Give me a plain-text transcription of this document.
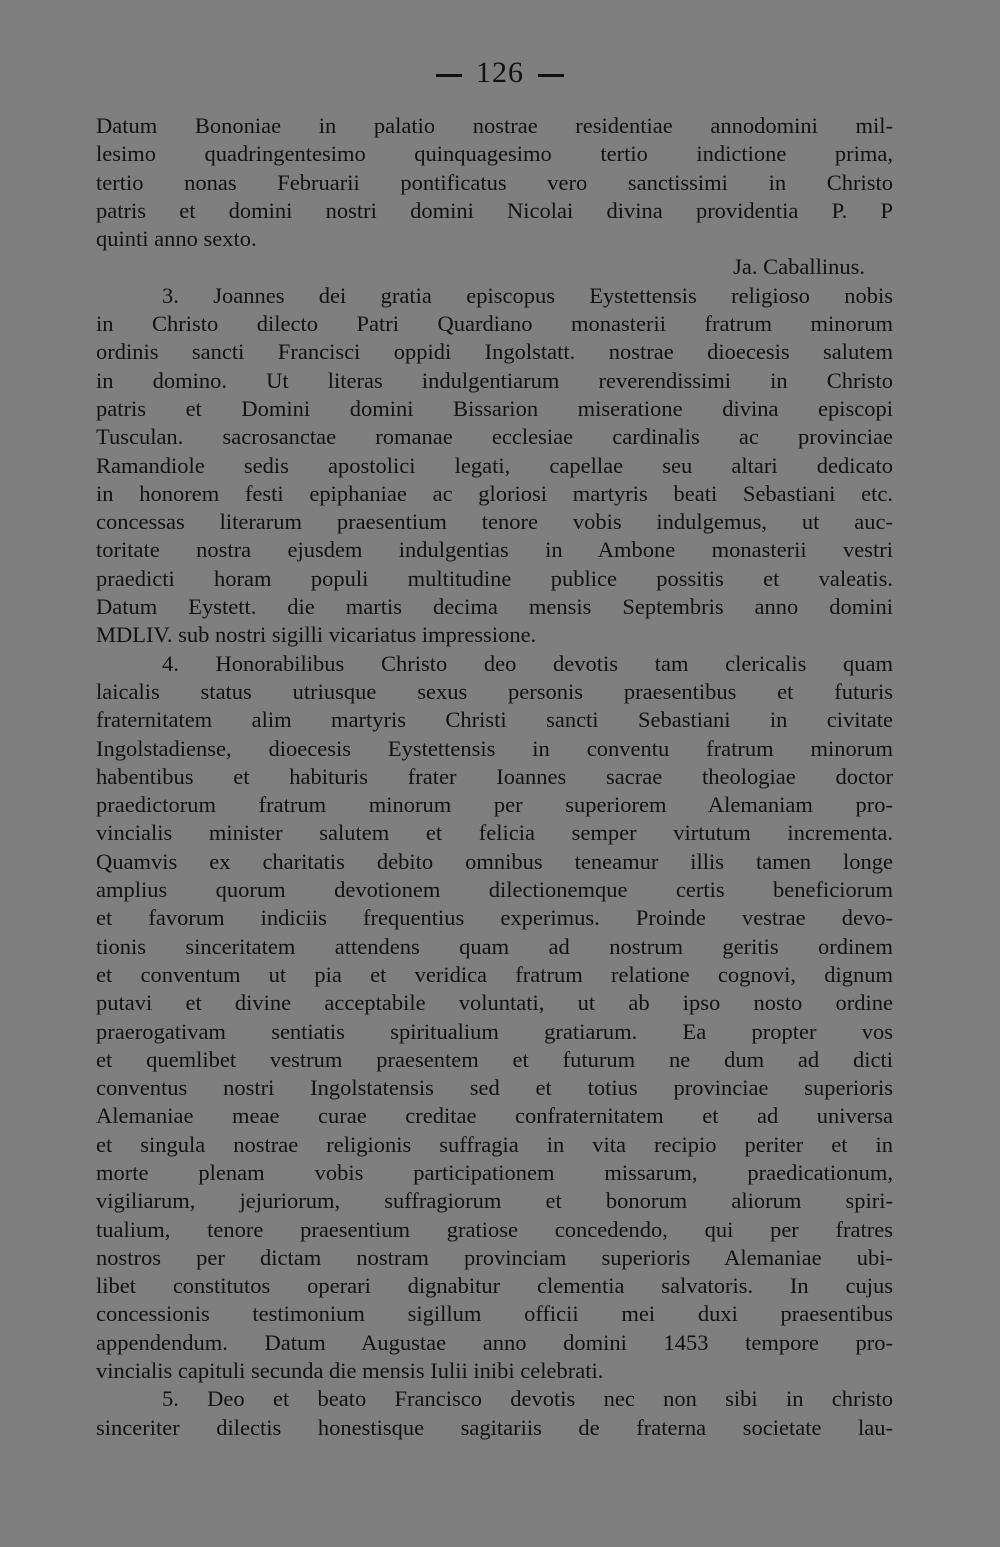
126
Datum Bononiae in palatio nostrae residentiae annodomini mil-
lesimo quadringentesimo quinquagesimo tertio indictione prima,
tertio nonas Februarii pontificatus vero sanctissimi in Christo
patris et domini nostri domini Nicolai divina providentia P. P
quinti anno sexto.
Ja. Caballinus.
3. Joannes dei gratia episcopus Eystettensis religioso nobis
in Christo dilecto Patri Quardiano monasterii fratrum minorum
ordinis sancti Francisci oppidi Ingolstatt. nostrae dioecesis salutem
in domino. Ut literas indulgentiarum reverendissimi in Christo
patris et Domini domini Bissarion miseratione divina episcopi
Tusculan. sacrosanctae romanae ecclesiae cardinalis ac provinciae
Ramandiole sedis apostolici legati, capellae seu altari dedicato
in honorem festi epiphaniae ac gloriosi martyris beati Sebastiani etc.
concessas literarum praesentium tenore vobis indulgemus, ut auc-
toritate nostra ejusdem indulgentias in Ambone monasterii vestri
praedicti horam populi multitudine publice possitis et valeatis.
Datum Eystett. die martis decima mensis Septembris anno domini
MDLIV. sub nostri sigilli vicariatus impressione.
4. Honorabilibus Christo deo devotis tam clericalis quam
laicalis status utriusque sexus personis praesentibus et futuris
fraternitatem alim martyris Christi sancti Sebastiani in civitate
Ingolstadiense, dioecesis Eystettensis in conventu fratrum minorum
habentibus et habituris frater Ioannes sacrae theologiae doctor
praedictorum fratrum minorum per superiorem Alemaniam pro-
vincialis minister salutem et felicia semper virtutum incrementa.
Quamvis ex charitatis debito omnibus teneamur illis tamen longe
amplius quorum devotionem dilectionemque certis beneficiorum
et favorum indiciis frequentius experimus. Proinde vestrae devo-
tionis sinceritatem attendens quam ad nostrum geritis ordinem
et conventum ut pia et veridica fratrum relatione cognovi, dignum
putavi et divine acceptabile voluntati, ut ab ipso nosto ordine
praerogativam sentiatis spiritualium gratiarum. Ea propter vos
et quemlibet vestrum praesentem et futurum ne dum ad dicti
conventus nostri Ingolstatensis sed et totius provinciae superioris
Alemaniae meae curae creditae confraternitatem et ad universa
et singula nostrae religionis suffragia in vita recipio periter et in
morte plenam vobis participationem missarum, praedicationum,
vigiliarum, jejuriorum, suffragiorum et bonorum aliorum spiri-
tualium, tenore praesentium gratiose concedendo, qui per fratres
nostros per dictam nostram provinciam superioris Alemaniae ubi-
libet constitutos operari dignabitur clementia salvatoris. In cujus
concessionis testimonium sigillum officii mei duxi praesentibus
appendendum. Datum Augustae anno domini 1453 tempore pro-
vincialis capituli secunda die mensis Iulii inibi celebrati.
5. Deo et beato Francisco devotis nec non sibi in christo
sinceriter dilectis honestisque sagitariis de fraterna societate lau-
